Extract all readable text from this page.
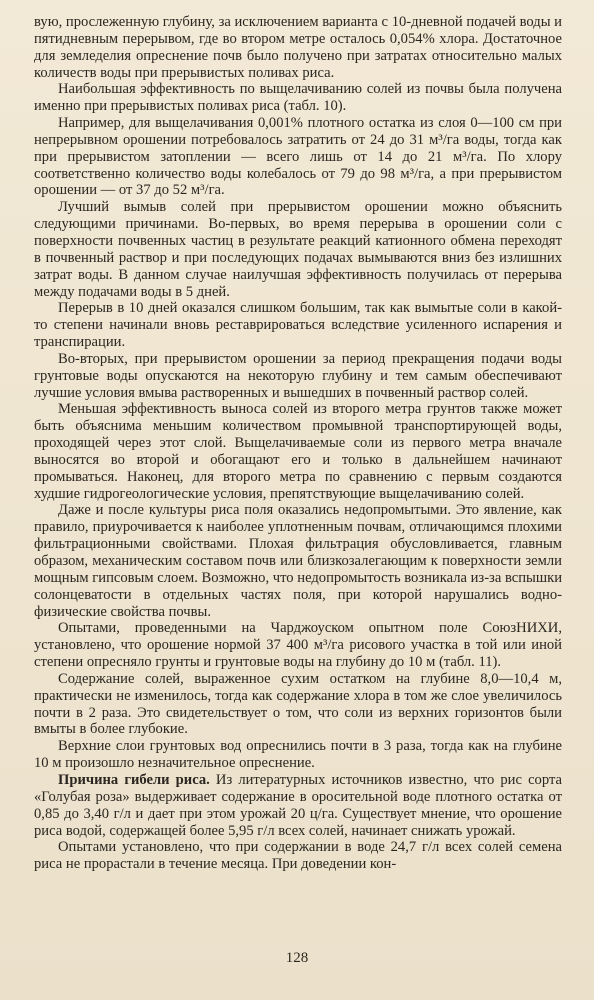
вую, прослеженную глубину, за исключением варианта с 10-дневной подачей воды и пятидневным перерывом, где во втором метре осталось 0,054% хлора. Достаточное для земледелия опреснение почв было получено при затратах относительно малых количеств воды при прерывистых поливах риса.

Наибольшая эффективность по выщелачиванию солей из почвы была получена именно при прерывистых поливах риса (табл. 10).

Например, для выщелачивания 0,001% плотного остатка из слоя 0—100 см при непрерывном орошении потребовалось затратить от 24 до 31 м³/га воды, тогда как при прерывистом затоплении — всего лишь от 14 до 21 м³/га. По хлору соответственно количество воды колебалось от 79 до 98 м³/га, а при прерывистом орошении — от 37 до 52 м³/га.

Лучший вымыв солей при прерывистом орошении можно объяснить следующими причинами. Во-первых, во время перерыва в орошении соли с поверхности почвенных частиц в результате реакций катионного обмена переходят в почвенный раствор и при последующих подачах вымываются вниз без излишних затрат воды. В данном случае наилучшая эффективность получилась от перерыва между подачами воды в 5 дней.

Перерыв в 10 дней оказался слишком большим, так как вымытые соли в какой-то степени начинали вновь реставрироваться вследствие усиленного испарения и транспирации.

Во-вторых, при прерывистом орошении за период прекращения подачи воды грунтовые воды опускаются на некоторую глубину и тем самым обеспечивают лучшие условия вмыва растворенных и вышедших в почвенный раствор солей.

Меньшая эффективность выноса солей из второго метра грунтов также может быть объяснима меньшим количеством промывной транспортирующей воды, проходящей через этот слой. Выщелачиваемые соли из первого метра вначале выносятся во второй и обогащают его и только в дальнейшем начинают промываться. Наконец, для второго метра по сравнению с первым создаются худшие гидрогеологические условия, препятствующие выщелачиванию солей.

Даже и после культуры риса поля оказались недопромытыми. Это явление, как правило, приурочивается к наиболее уплотненным почвам, отличающимся плохими фильтрационными свойствами. Плохая фильтрация обусловливается, главным образом, механическим составом почв или близкозалегающим к поверхности земли мощным гипсовым слоем. Возможно, что недопромытость возникала из-за вспышки солонцеватости в отдельных частях поля, при которой нарушались водно-физические свойства почвы.

Опытами, проведенными на Чарджоуском опытном поле СоюзНИХИ, установлено, что орошение нормой 37 400 м³/га рисового участка в той или иной степени опресняло грунты и грунтовые воды на глубину до 10 м (табл. 11).

Содержание солей, выраженное сухим остатком на глубине 8,0—10,4 м, практически не изменилось, тогда как содержание хлора в том же слое увеличилось почти в 2 раза. Это свидетельствует о том, что соли из верхних горизонтов были вмыты в более глубокие.

Верхние слои грунтовых вод опреснились почти в 3 раза, тогда как на глубине 10 м произошло незначительное опреснение.

Причина гибели риса. Из литературных источников известно, что рис сорта «Голубая роза» выдерживает содержание в оросительной воде плотного остатка от 0,85 до 3,40 г/л и дает при этом урожай 20 ц/га. Существует мнение, что орошение риса водой, содержащей более 5,95 г/л всех солей, начинает снижать урожай.

Опытами установлено, что при содержании в воде 24,7 г/л всех солей семена риса не прорастали в течение месяца. При доведении кон-

128
